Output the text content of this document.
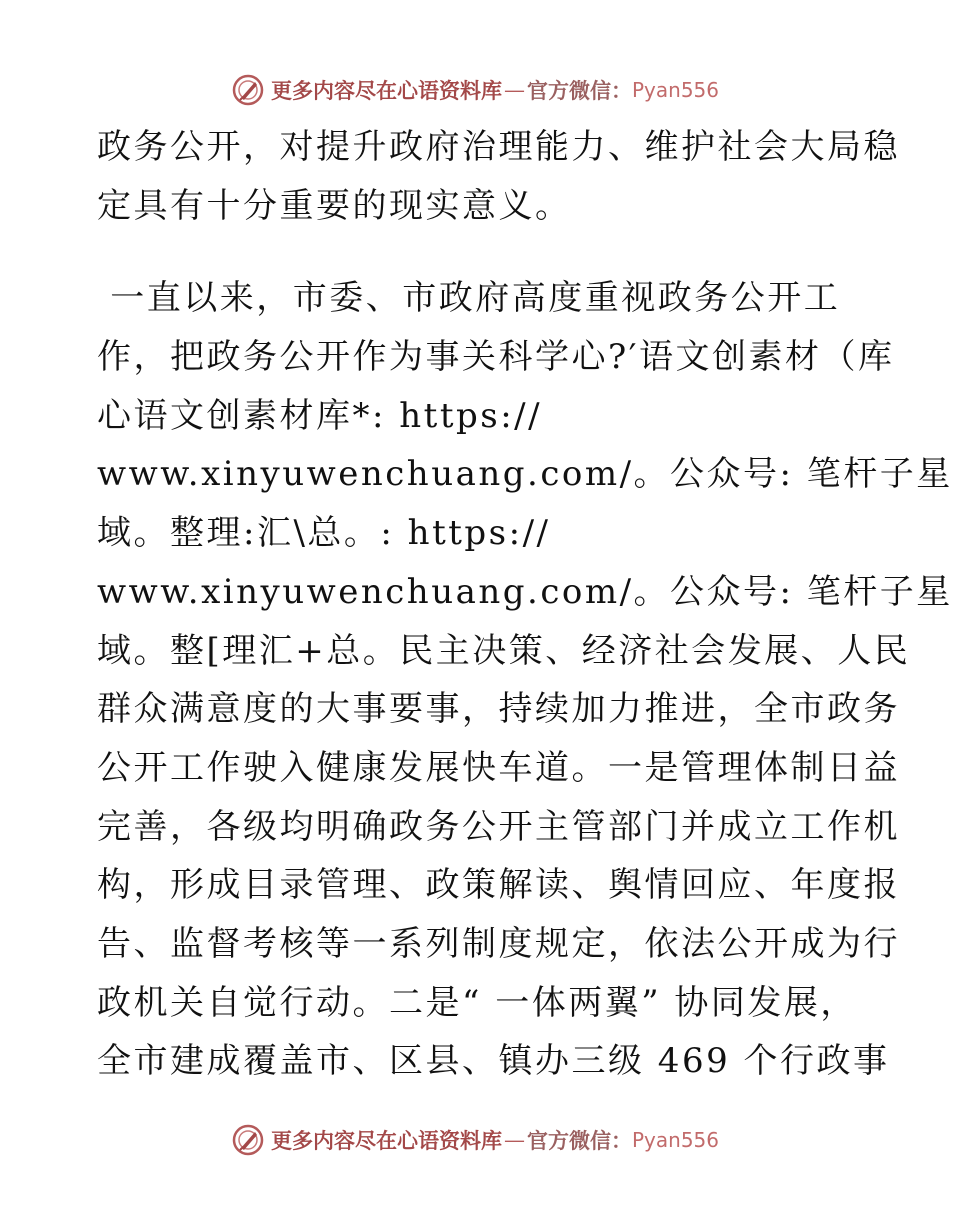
更多内容尽在心语资料库 — 官方微信： Pyan556
政务公开，对提升政府治理能力、维护社会大局稳
定具有十分重要的现实意义。
一直以来，市委、市政府高度重视政务公开工
作，把政务公开作为事关科学心?′语文创素材（库
心语文创素材库*: https://
www.xinyuwenchuang.com/。公众号: 笔杆子星
域。整理:汇\总。: https://
www.xinyuwenchuang.com/。公众号: 笔杆子星
域。整[理汇+总。民主决策、经济社会发展、人民
群众满意度的大事要事，持续加力推进，全市政务
公开工作驶入健康发展快车道。一是管理体制日益
完善，各级均明确政务公开主管部门并成立工作机
构，形成目录管理、政策解读、舆情回应、年度报
告、监督考核等一系列制度规定，依法公开成为行
政机关自觉行动。二是“ 一体两翼” 协同发展，
全市建成覆盖市、区县、镇办三级 469 个行政事
更多内容尽在心语资料库 — 官方微信： Pyan556
